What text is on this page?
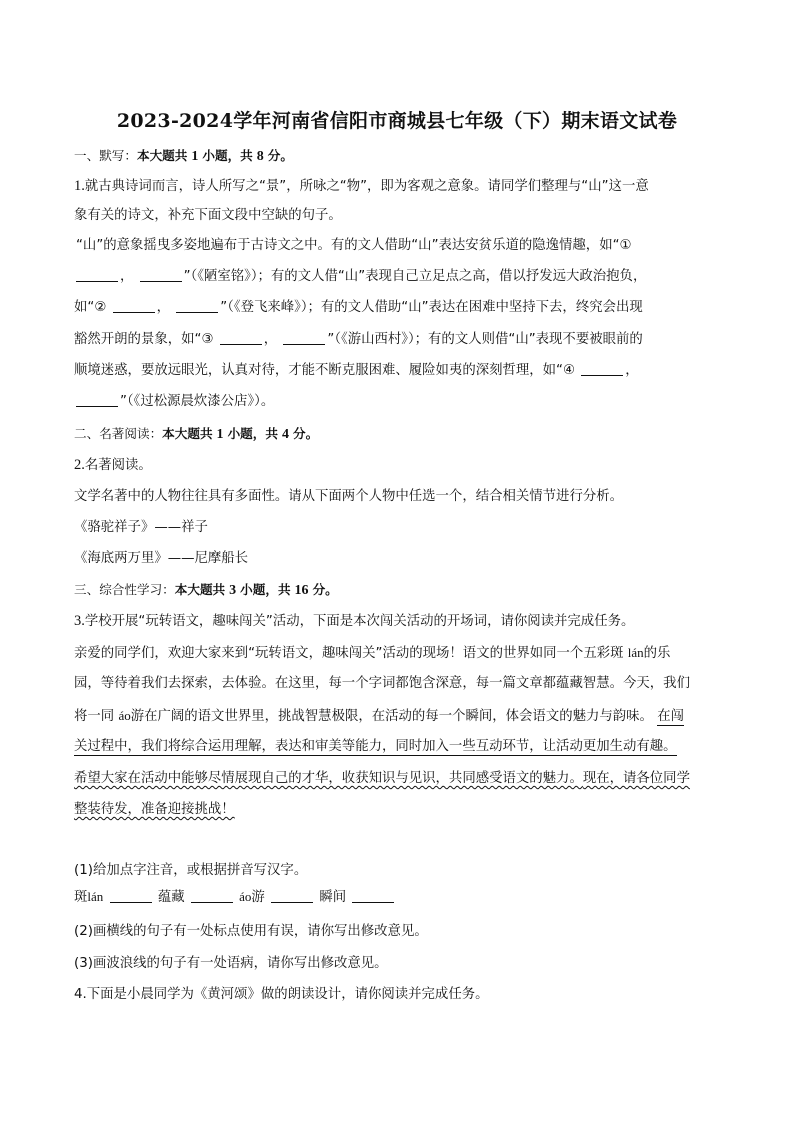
2023-2024学年河南省信阳市商城县七年级（下）期末语文试卷
一、默写：本大题共 1 小题，共 8 分。
1.就古典诗词而言，诗人所写之“景”，所咏之“物”，即为客观之意象。请同学们整理与“山”这一意
象有关的诗文，补充下面文段中空缺的句子。
“山”的意象摇曳多姿地遍布于古诗文之中。有的文人借助“山”表达安贫乐道的隐逸情趣，如“①
，	”（《陋室铭》）；有的文人借“山”表现自己立足点之高，借以抒发远大政治抱负，
如“②	，	”（《登飞来峰》）；有的文人借助“山”表达在困难中坚持下去，终究会出现
豁然开朗的景象，如“③	，	”（《游山西村》）；有的文人则借“山”表现不要被眼前的
顺境迷惑，要放远眼光，认真对待，才能不断克服困难、履险如夷的深刻哲理，如“④	，
”（《过松源晨炊漆公店》）。
二、名著阅读：本大题共 1 小题，共 4 分。
2.名著阅读。
文学名著中的人物往往具有多面性。请从下面两个人物中任选一个，结合相关情节进行分析。
《骆驼祥子》——祥子
《海底两万里》——尼摩船长
三、综合性学习：本大题共 3 小题，共 16 分。
3.学校开展“玩转语文，趣味闯关”活动，下面是本次闯关活动的开场词，请你阅读并完成任务。
亲爱的同学们，欢迎大家来到“玩转语文，趣味闯关”活动的现场！语文的世界如同一个五彩斑 lán的乐
园，等待着我们去探索，去体验。在这里，每一个字词都饱含深意，每一篇文章都蕴藏智慧。今天，我们
将一同 áo游在广阔的语文世界里，挑战智慧极限，在活动的每一个瞬间，体会语文的魅力与韵味。 在闯
关过程中，我们将综合运用理解，表达和审美等能力，同时加入一些互动环节，让活动更加生动有趣。
希望大家在活动中能够尽情展现自己的才华，收获知识与见识，共同感受语文的魅力。现在，请各位同学
整装待发，准备迎接挑战！
(1)给加点字注音，或根据拼音写汉字。
斑lán	蕴藏	áo游	瞬间
(2)画横线的句子有一处标点使用有误，请你写出修改意见。
(3)画波浪线的句子有一处语病，请你写出修改意见。
4.下面是小晨同学为《黄河颂》做的朗读设计，请你阅读并完成任务。
